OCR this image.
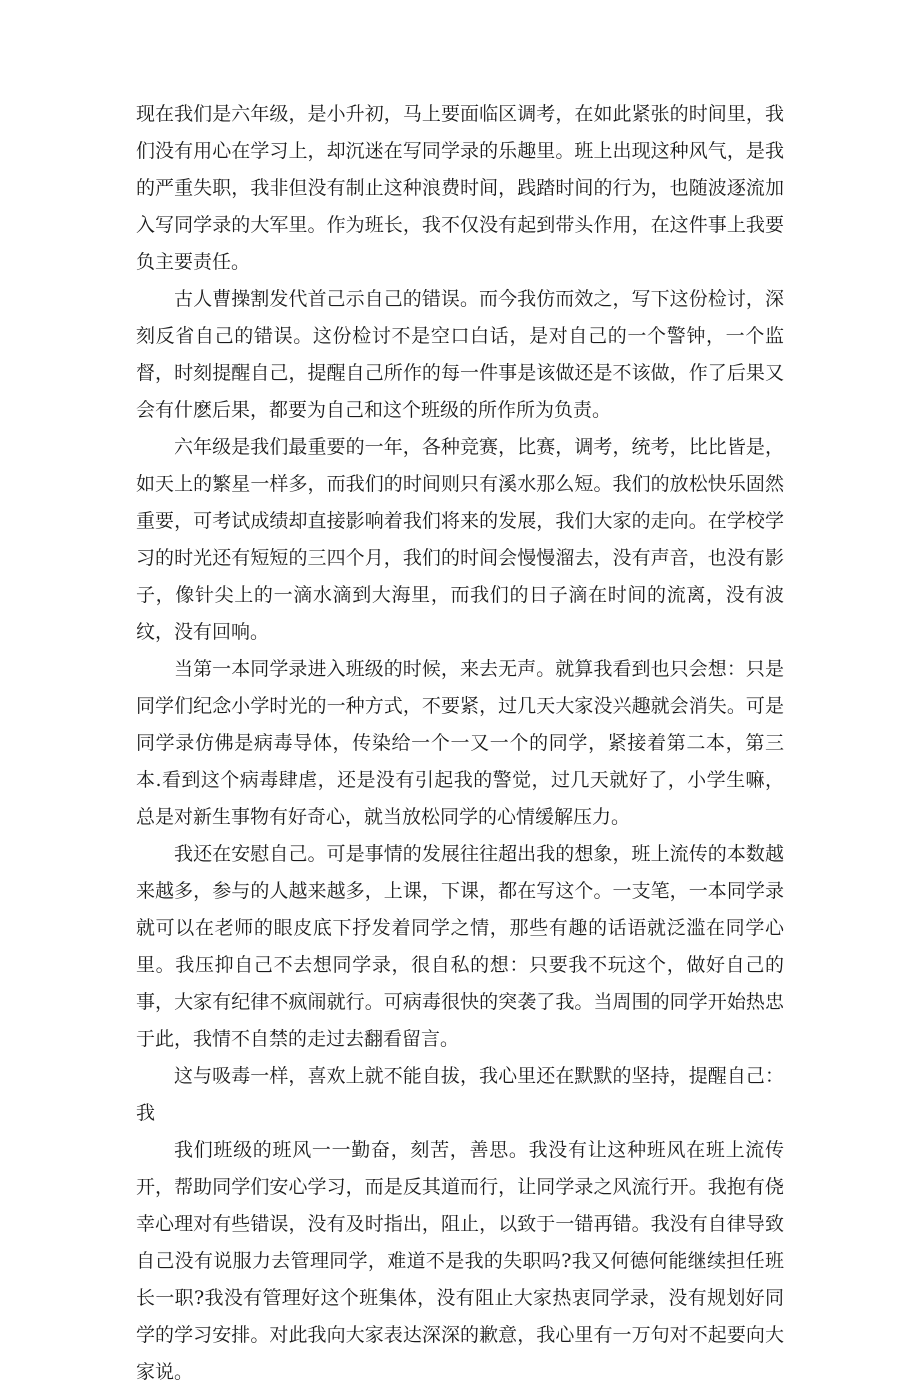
现在我们是六年级，是小升初，马上要面临区调考，在如此紧张的时间里，我们没有用心在学习上，却沉迷在写同学录的乐趣里。班上出现这种风气，是我的严重失职，我非但没有制止这种浪费时间，践踏时间的行为，也随波逐流加入写同学录的大军里。作为班长，我不仅没有起到带头作用，在这件事上我要负主要责任。

古人曹操割发代首己示自己的错误。而今我仿而效之，写下这份检讨，深刻反省自己的错误。这份检讨不是空口白话，是对自己的一个警钟，一个监督，时刻提醒自己，提醒自己所作的每一件事是该做还是不该做，作了后果又会有什麽后果，都要为自己和这个班级的所作所为负责。

六年级是我们最重要的一年，各种竞赛，比赛，调考，统考，比比皆是，如天上的繁星一样多，而我们的时间则只有溪水那么短。我们的放松快乐固然重要，可考试成绩却直接影响着我们将来的发展，我们大家的走向。在学校学习的时光还有短短的三四个月，我们的时间会慢慢溜去，没有声音，也没有影子，像针尖上的一滴水滴到大海里，而我们的日子滴在时间的流离，没有波纹，没有回响。

当第一本同学录进入班级的时候，来去无声。就算我看到也只会想：只是同学们纪念小学时光的一种方式，不要紧，过几天大家没兴趣就会消失。可是同学录仿佛是病毒导体，传染给一个一又一个的同学，紧接着第二本，第三本.看到这个病毒肆虐，还是没有引起我的警觉，过几天就好了，小学生嘛，总是对新生事物有好奇心，就当放松同学的心情缓解压力。

我还在安慰自己。可是事情的发展往往超出我的想象，班上流传的本数越来越多，参与的人越来越多，上课，下课，都在写这个。一支笔，一本同学录就可以在老师的眼皮底下抒发着同学之情，那些有趣的话语就泛滥在同学心里。我压抑自己不去想同学录，很自私的想：只要我不玩这个，做好自己的事，大家有纪律不疯闹就行。可病毒很快的突袭了我。当周围的同学开始热忠于此，我情不自禁的走过去翻看留言。

这与吸毒一样，喜欢上就不能自拔，我心里还在默默的坚持，提醒自己：我

我们班级的班风一一勤奋，刻苦，善思。我没有让这种班风在班上流传开，帮助同学们安心学习，而是反其道而行，让同学录之风流行开。我抱有侥幸心理对有些错误，没有及时指出，阻止，以致于一错再错。我没有自律导致自己没有说服力去管理同学，难道不是我的失职吗?我又何德何能继续担任班长一职?我没有管理好这个班集体，没有阻止大家热衷同学录，没有规划好同学的学习安排。对此我向大家表达深深的歉意，我心里有一万句对不起要向大家说。
